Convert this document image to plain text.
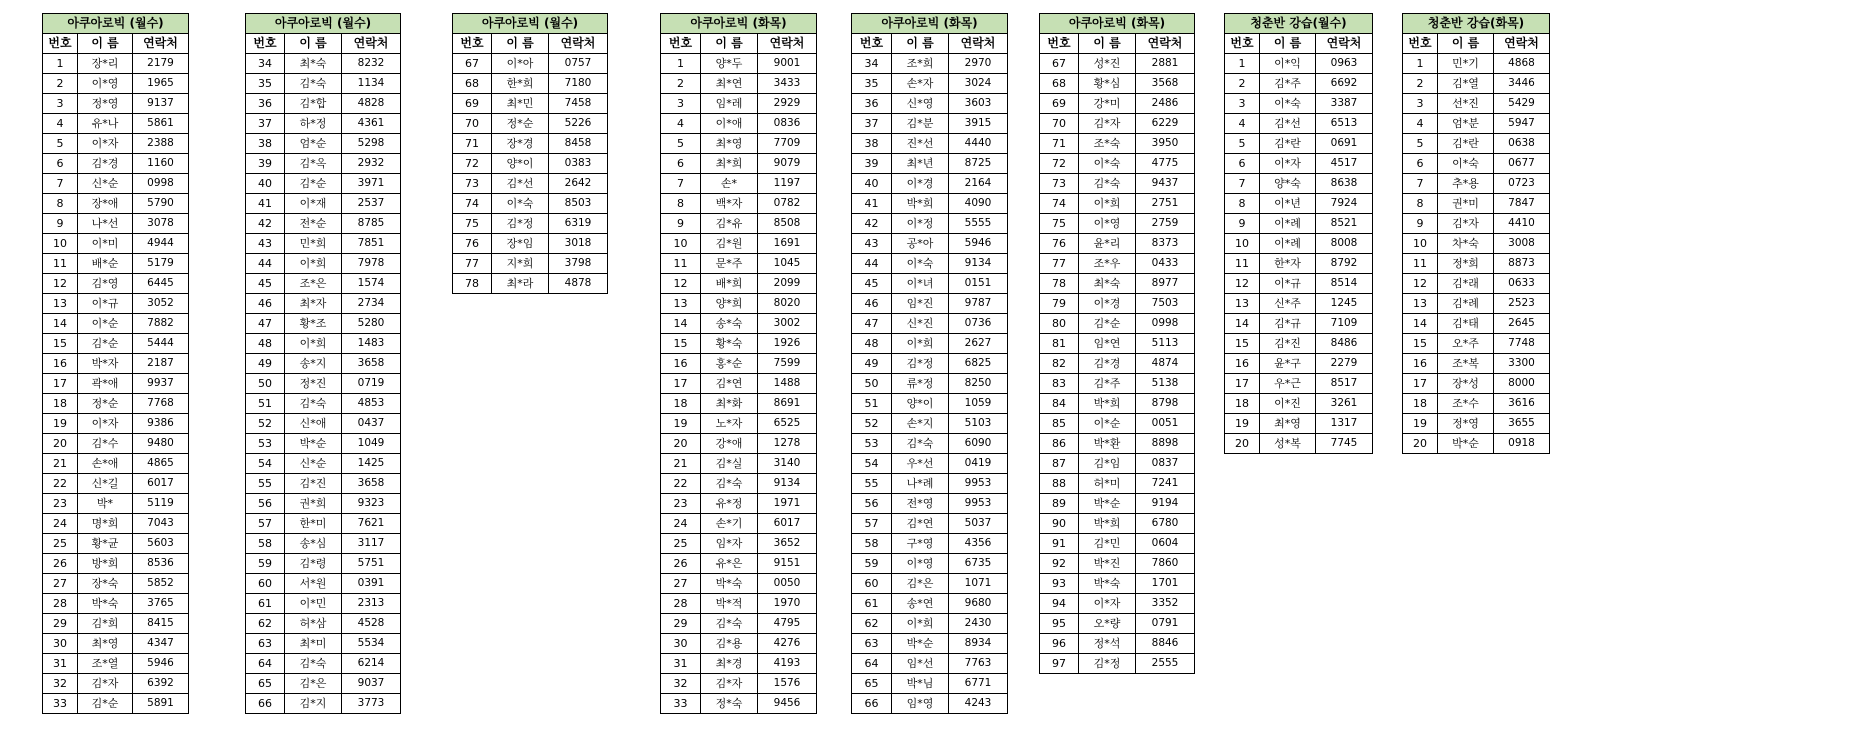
아쿠아로빅 (월수)		
번호	이 름	연락처
1	장*리	2179
2	이*영	1965
3	정*영	9137
4	유*나	5861
5	이*자	2388
6	김*경	1160
7	신*순	0998
8	장*애	5790
9	나*선	3078
10	이*미	4944
11	배*순	5179
12	김*영	6445
13	이*규	3052
14	이*순	7882
15	김*순	5444
16	박*자	2187
17	곽*애	9937
18	정*순	7768
19	이*자	9386
20	김*수	9480
21	손*애	4865
22	신*길	6017
23	박*	5119
24	명*희	7043
25	황*균	5603
26	방*희	8536
27	장*숙	5852
28	박*숙	3765
29	김*희	8415
30	최*영	4347
31	조*열	5946
32	김*자	6392
33	김*순	5891
아쿠아로빅 (월수)		
번호	이 름	연락처
34	최*숙	8232
35	김*숙	1134
36	김*합	4828
37	하*정	4361
38	엄*순	5298
39	김*옥	2932
40	김*순	3971
41	이*재	2537
42	전*순	8785
43	민*희	7851
44	이*희	7978
45	조*은	1574
46	최*자	2734
47	황*조	5280
48	이*희	1483
49	송*지	3658
50	정*진	0719
51	김*숙	4853
52	신*애	0437
53	박*순	1049
54	신*순	1425
55	김*진	3658
56	권*희	9323
57	한*미	7621
58	송*심	3117
59	김*령	5751
60	서*원	0391
61	이*민	2313
62	허*삼	4528
63	최*미	5534
64	김*숙	6214
65	김*은	9037
66	김*지	3773
아쿠아로빅 (월수)		
번호	이 름	연락처
67	이*아	0757
68	한*희	7180
69	최*민	7458
70	정*순	5226
71	장*경	8458
72	양*이	0383
73	김*선	2642
74	이*숙	8503
75	김*정	6319
76	장*임	3018
77	지*희	3798
78	최*라	4878
아쿠아로빅 (화목)		
번호	이 름	연락처
1	양*두	9001
2	최*연	3433
3	임*레	2929
4	이*애	0836
5	최*영	7709
6	최*희	9079
7	손*	1197
8	백*자	0782
9	김*유	8508
10	김*원	1691
11	문*주	1045
12	배*희	2099
13	양*희	8020
14	송*숙	3002
15	황*숙	1926
16	홍*순	7599
17	김*연	1488
18	최*화	8691
19	노*자	6525
20	강*애	1278
21	김*실	3140
22	김*숙	9134
23	유*정	1971
24	손*기	6017
25	임*자	3652
26	유*은	9151
27	박*숙	0050
28	박*적	1970
29	김*숙	4795
30	김*용	4276
31	최*경	4193
32	김*자	1576
33	정*숙	9456
아쿠아로빅 (화목)		
번호	이 름	연락처
34	조*희	2970
35	손*자	3024
36	신*영	3603
37	김*분	3915
38	진*선	4440
39	최*년	8725
40	이*경	2164
41	박*희	4090
42	이*정	5555
43	공*아	5946
44	이*숙	9134
45	이*녀	0151
46	임*진	9787
47	신*진	0736
48	이*희	2627
49	김*정	6825
50	류*정	8250
51	양*이	1059
52	손*지	5103
53	김*숙	6090
54	우*선	0419
55	나*례	9953
56	전*영	9953
57	김*연	5037
58	구*영	4356
59	이*영	6735
60	김*은	1071
61	송*연	9680
62	이*희	2430
63	박*순	8934
64	임*선	7763
65	박*님	6771
66	임*영	4243
아쿠아로빅 (화목)		
번호	이 름	연락처
67	성*진	2881
68	황*심	3568
69	강*미	2486
70	김*자	6229
71	조*숙	3950
72	이*숙	4775
73	김*숙	9437
74	이*희	2751
75	이*영	2759
76	윤*리	8373
77	조*우	0433
78	최*숙	8977
79	이*경	7503
80	김*순	0998
81	임*연	5113
82	김*경	4874
83	김*주	5138
84	박*희	8798
85	이*순	0051
86	박*환	8898
87	김*임	0837
88	허*미	7241
89	박*순	9194
90	박*희	6780
91	김*민	0604
92	박*진	7860
93	박*숙	1701
94	이*자	3352
95	오*량	0791
96	정*석	8846
97	김*정	2555
청춘반 강습(월수)		
번호	이 름	연락처
1	이*익	0963
2	김*주	6692
3	이*숙	3387
4	김*선	6513
5	김*란	0691
6	이*자	4517
7	양*숙	8638
8	이*년	7924
9	이*례	8521
10	이*례	8008
11	한*자	8792
12	이*규	8514
13	신*주	1245
14	김*규	7109
15	김*진	8486
16	윤*구	2279
17	우*근	8517
18	이*진	3261
19	최*영	1317
20	성*복	7745
청춘반 강습(화목)		
번호	이 름	연락처
1	민*기	4868
2	김*열	3446
3	선*진	5429
4	엄*분	5947
5	김*란	0638
6	이*숙	0677
7	추*용	0723
8	권*미	7847
9	김*자	4410
10	차*숙	3008
11	정*희	8873
12	김*래	0633
13	김*례	2523
14	김*태	2645
15	오*주	7748
16	조*복	3300
17	장*성	8000
18	조*수	3616
19	정*영	3655
20	박*순	0918
